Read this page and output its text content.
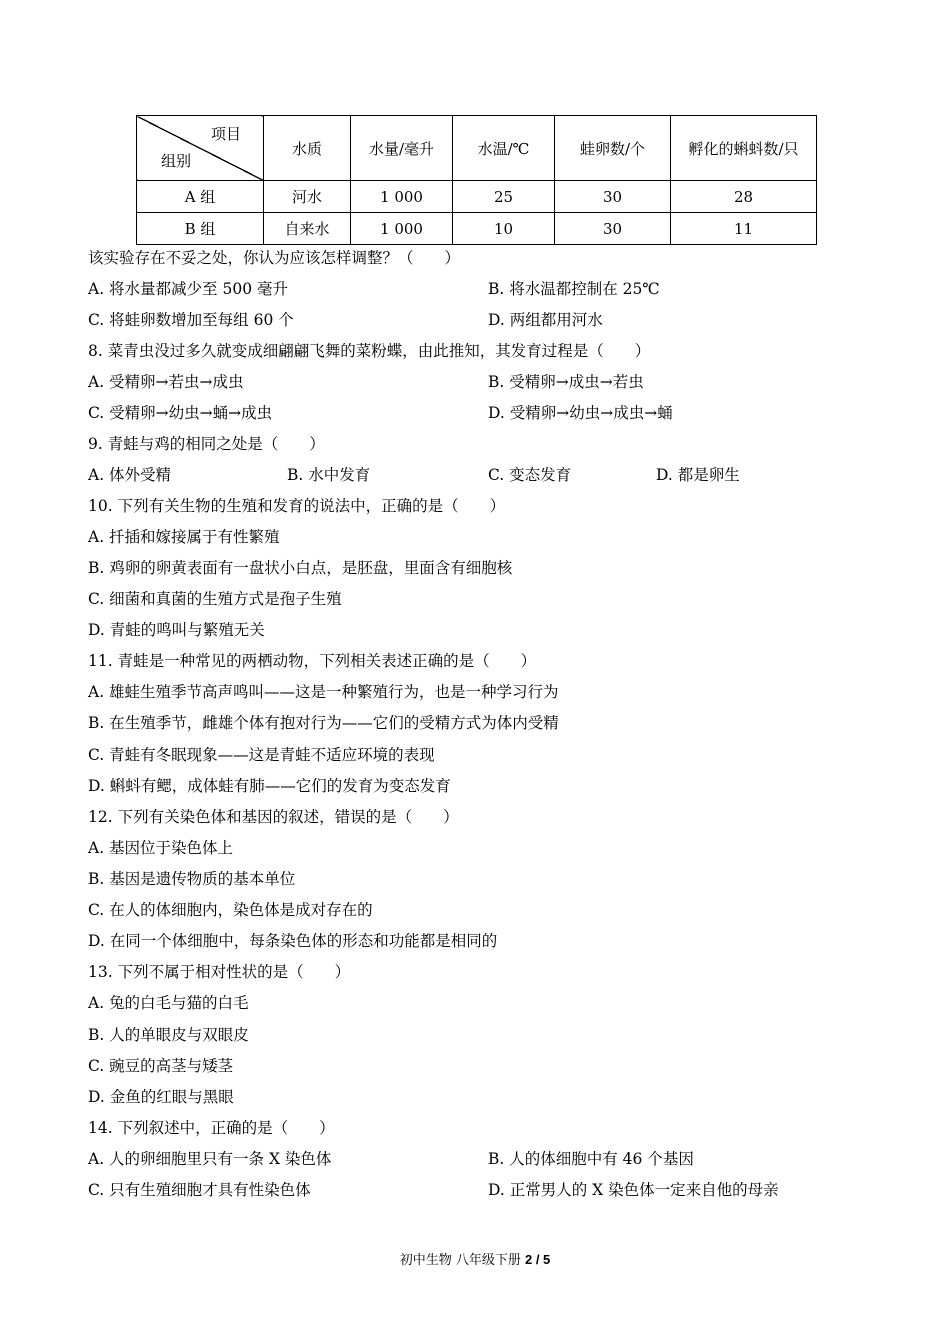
项目
组别	水质	水量/毫升	水温/℃	蛙卵数/个	孵化的蝌蚪数/只
A 组	河水	1 000	25	30	28
B 组	自来水	1 000	10	30	11
该实验存在不妥之处，你认为应该怎样调整？（　　）
A. 将水量都减少至 500 毫升	B. 将水温都控制在 25℃
C. 将蛙卵数增加至每组 60 个	D. 两组都用河水
8. 菜青虫没过多久就变成细翩翩飞舞的菜粉蝶，由此推知，其发育过程是（　　）
A. 受精卵→若虫→成虫	B. 受精卵→成虫→若虫
C. 受精卵→幼虫→蛹→成虫	D. 受精卵→幼虫→成虫→蛹
9. 青蛙与鸡的相同之处是（　　）
A. 体外受精	B. 水中发育	C. 变态发育	D. 都是卵生
10. 下列有关生物的生殖和发育的说法中，正确的是（　　）
A. 扦插和嫁接属于有性繁殖
B. 鸡卵的卵黄表面有一盘状小白点，是胚盘，里面含有细胞核
C. 细菌和真菌的生殖方式是孢子生殖
D. 青蛙的鸣叫与繁殖无关
11. 青蛙是一种常见的两栖动物，下列相关表述正确的是（　　）
A. 雄蛙生殖季节高声鸣叫——这是一种繁殖行为，也是一种学习行为
B. 在生殖季节，雌雄个体有抱对行为——它们的受精方式为体内受精
C. 青蛙有冬眠现象——这是青蛙不适应环境的表现
D. 蝌蚪有鳃，成体蛙有肺——它们的发育为变态发育
12. 下列有关染色体和基因的叙述，错误的是（　　）
A. 基因位于染色体上
B. 基因是遗传物质的基本单位
C. 在人的体细胞内，染色体是成对存在的
D. 在同一个体细胞中，每条染色体的形态和功能都是相同的
13. 下列不属于相对性状的是（　　）
A. 兔的白毛与猫的白毛
B. 人的单眼皮与双眼皮
C. 豌豆的高茎与矮茎
D. 金鱼的红眼与黑眼
14. 下列叙述中，正确的是（　　）
A. 人的卵细胞里只有一条 X 染色体	B. 人的体细胞中有 46 个基因
C. 只有生殖细胞才具有性染色体	D. 正常男人的 X 染色体一定来自他的母亲
初中生物 八年级下册 2 / 5
